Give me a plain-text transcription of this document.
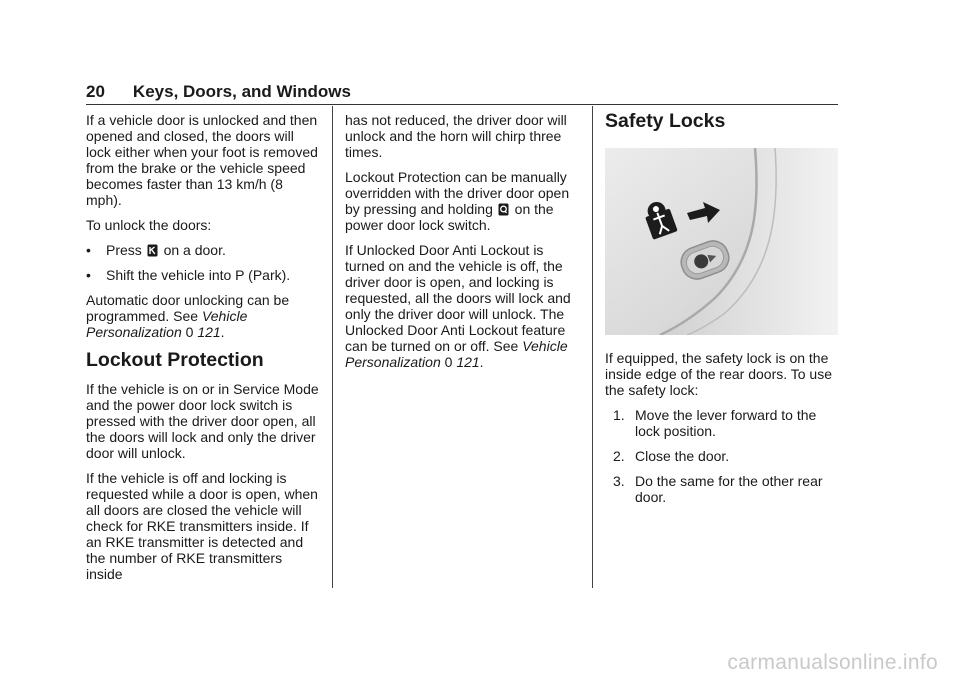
20 Keys, Doors, and Windows

If a vehicle door is unlocked and then opened and closed, the doors will lock either when your foot is removed from the brake or the vehicle speed becomes faster than 13 km/h (8 mph).

To unlock the doors:

•	Press on a door.
•	Shift the vehicle into P (Park).

Automatic door unlocking can be programmed. See Vehicle Personalization 0 121.

Lockout Protection

If the vehicle is on or in Service Mode and the power door lock switch is pressed with the driver door open, all the doors will lock and only the driver door will unlock.

If the vehicle is off and locking is requested while a door is open, when all doors are closed the vehicle will check for RKE transmitters inside. If an RKE transmitter is detected and the number of RKE transmitters inside

has not reduced, the driver door will unlock and the horn will chirp three times.

Lockout Protection can be manually overridden with the driver door open by pressing and holding on the power door lock switch.

If Unlocked Door Anti Lockout is turned on and the vehicle is off, the driver door is open, and locking is requested, all the doors will lock and only the driver door will unlock. The Unlocked Door Anti Lockout feature can be turned on or off. See Vehicle Personalization 0 121.

Safety Locks

If equipped, the safety lock is on the inside edge of the rear doors. To use the safety lock:

1. Move the lever forward to the lock position.
2. Close the door.
3. Do the same for the other rear door.
carmanualsonline.info
